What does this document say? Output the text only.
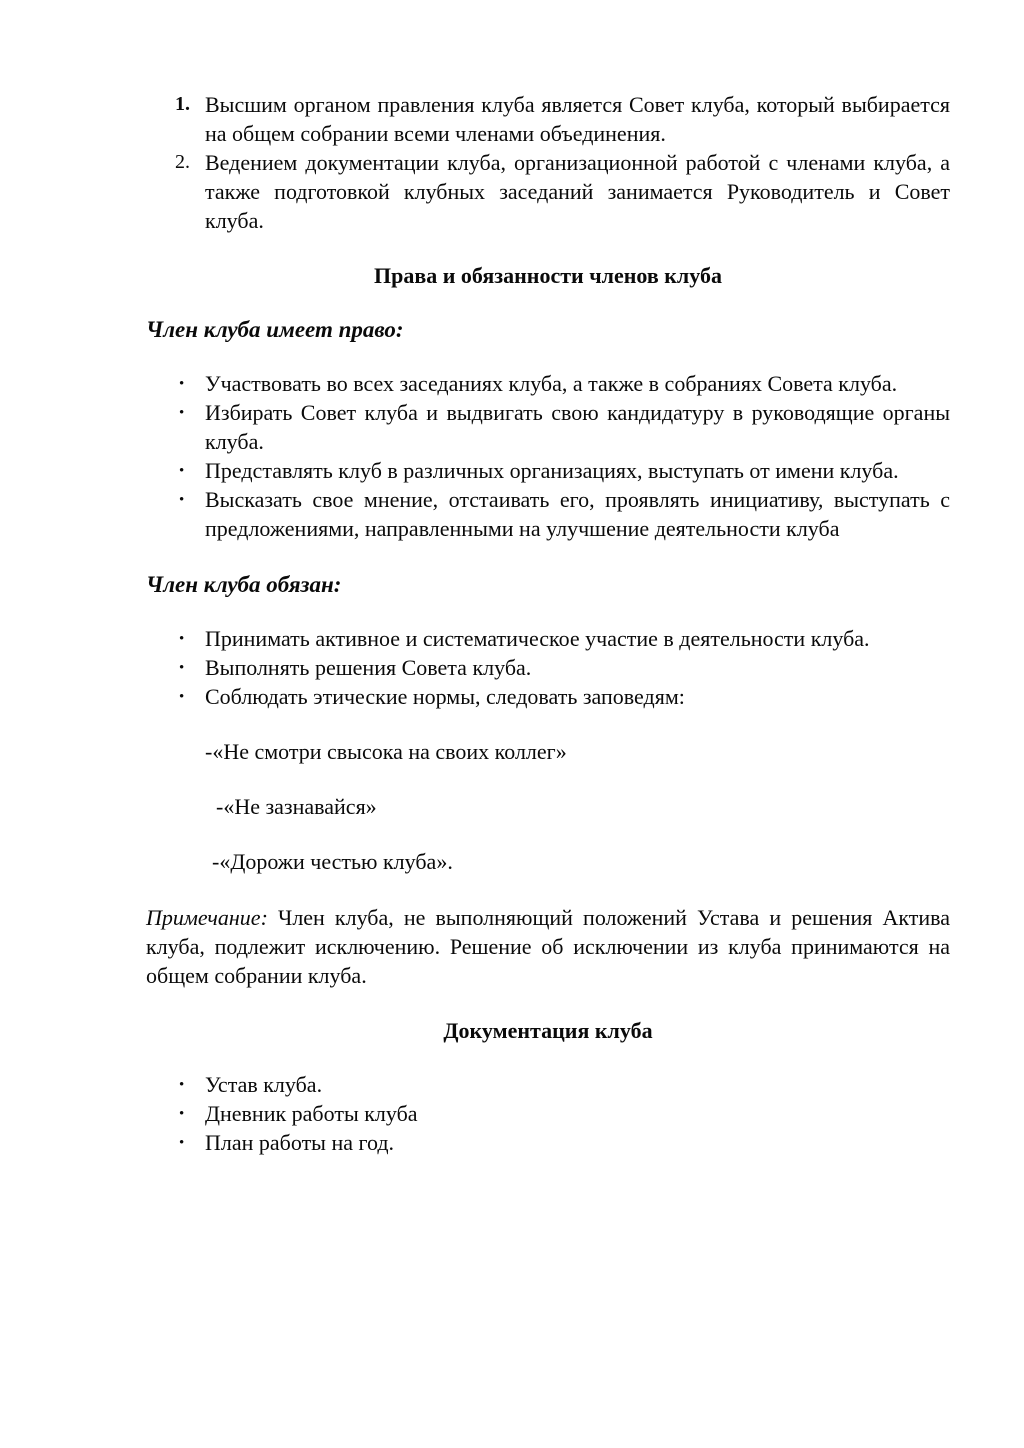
1. Высшим органом правления клуба является Совет клуба, который выбирается на общем собрании всеми членами объединения.
2. Ведением документации клуба, организационной работой с членами клуба, а также подготовкой клубных заседаний занимается Руководитель и Совет клуба.
Права и обязанности членов клуба
Член клуба имеет право:
• Участвовать во всех заседаниях клуба, а также в собраниях Совета клуба.
• Избирать Совет клуба и выдвигать свою кандидатуру в руководящие органы клуба.
• Представлять клуб в различных организациях, выступать от имени клуба.
• Высказать свое мнение, отстаивать его, проявлять инициативу, выступать с предложениями, направленными на улучшение деятельности клуба
Член клуба обязан:
• Принимать активное и систематическое участие в деятельности клуба.
• Выполнять решения Совета клуба.
• Соблюдать этические нормы, следовать заповедям:

-«Не смотри свысока на своих коллег»

-«Не зазнавайся»

-«Дорожи честью клуба».

Примечание: Член клуба, не выполняющий положений Устава и решения Актива клуба, подлежит исключению. Решение об исключении из клуба принимаются на общем собрании клуба.

Документация клуба
• Устав клуба.
• Дневник работы клуба
• План работы на год.
